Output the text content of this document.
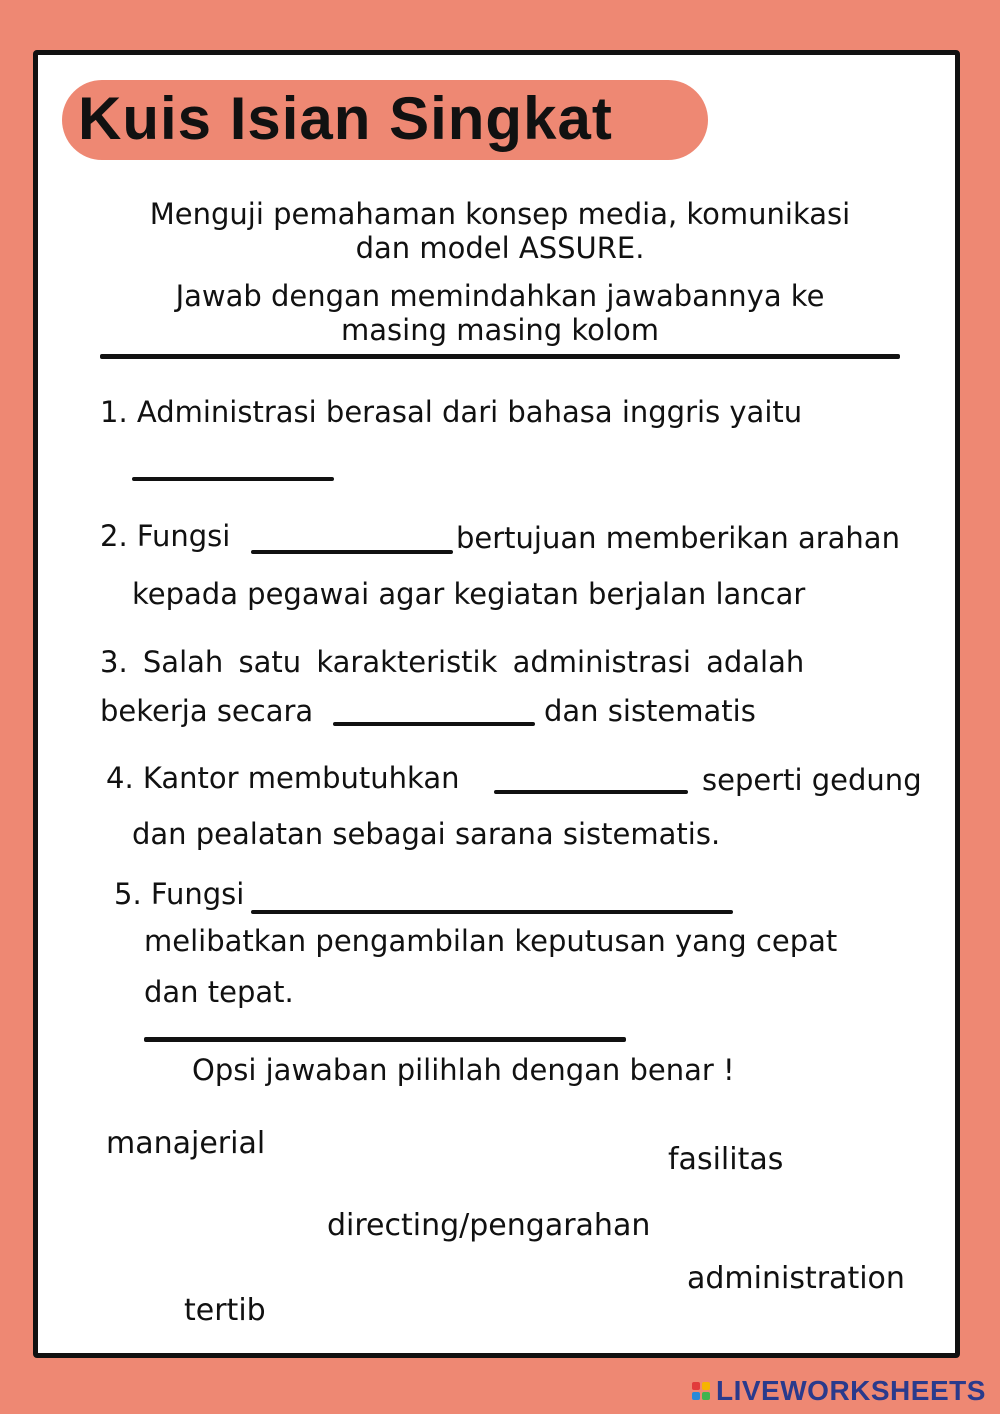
Kuis Isian Singkat
Menguji pemahaman konsep media, komunikasi
dan model ASSURE.
Jawab dengan memindahkan jawabannya ke
masing masing kolom
1. Administrasi berasal dari bahasa inggris yaitu
2. Fungsi	bertujuan memberikan arahan
kepada pegawai agar kegiatan berjalan lancar
3. Salah satu karakteristik administrasi adalah
bekerja secara	dan sistematis
4. Kantor membutuhkan	seperti gedung
dan pealatan sebagai sarana sistematis.
5. Fungsi
melibatkan pengambilan keputusan yang cepat
dan tepat.
Opsi jawaban pilihlah dengan benar !
manajerial	fasilitas
directing/pengarahan
administration
tertib
LIVEWORKSHEETS
